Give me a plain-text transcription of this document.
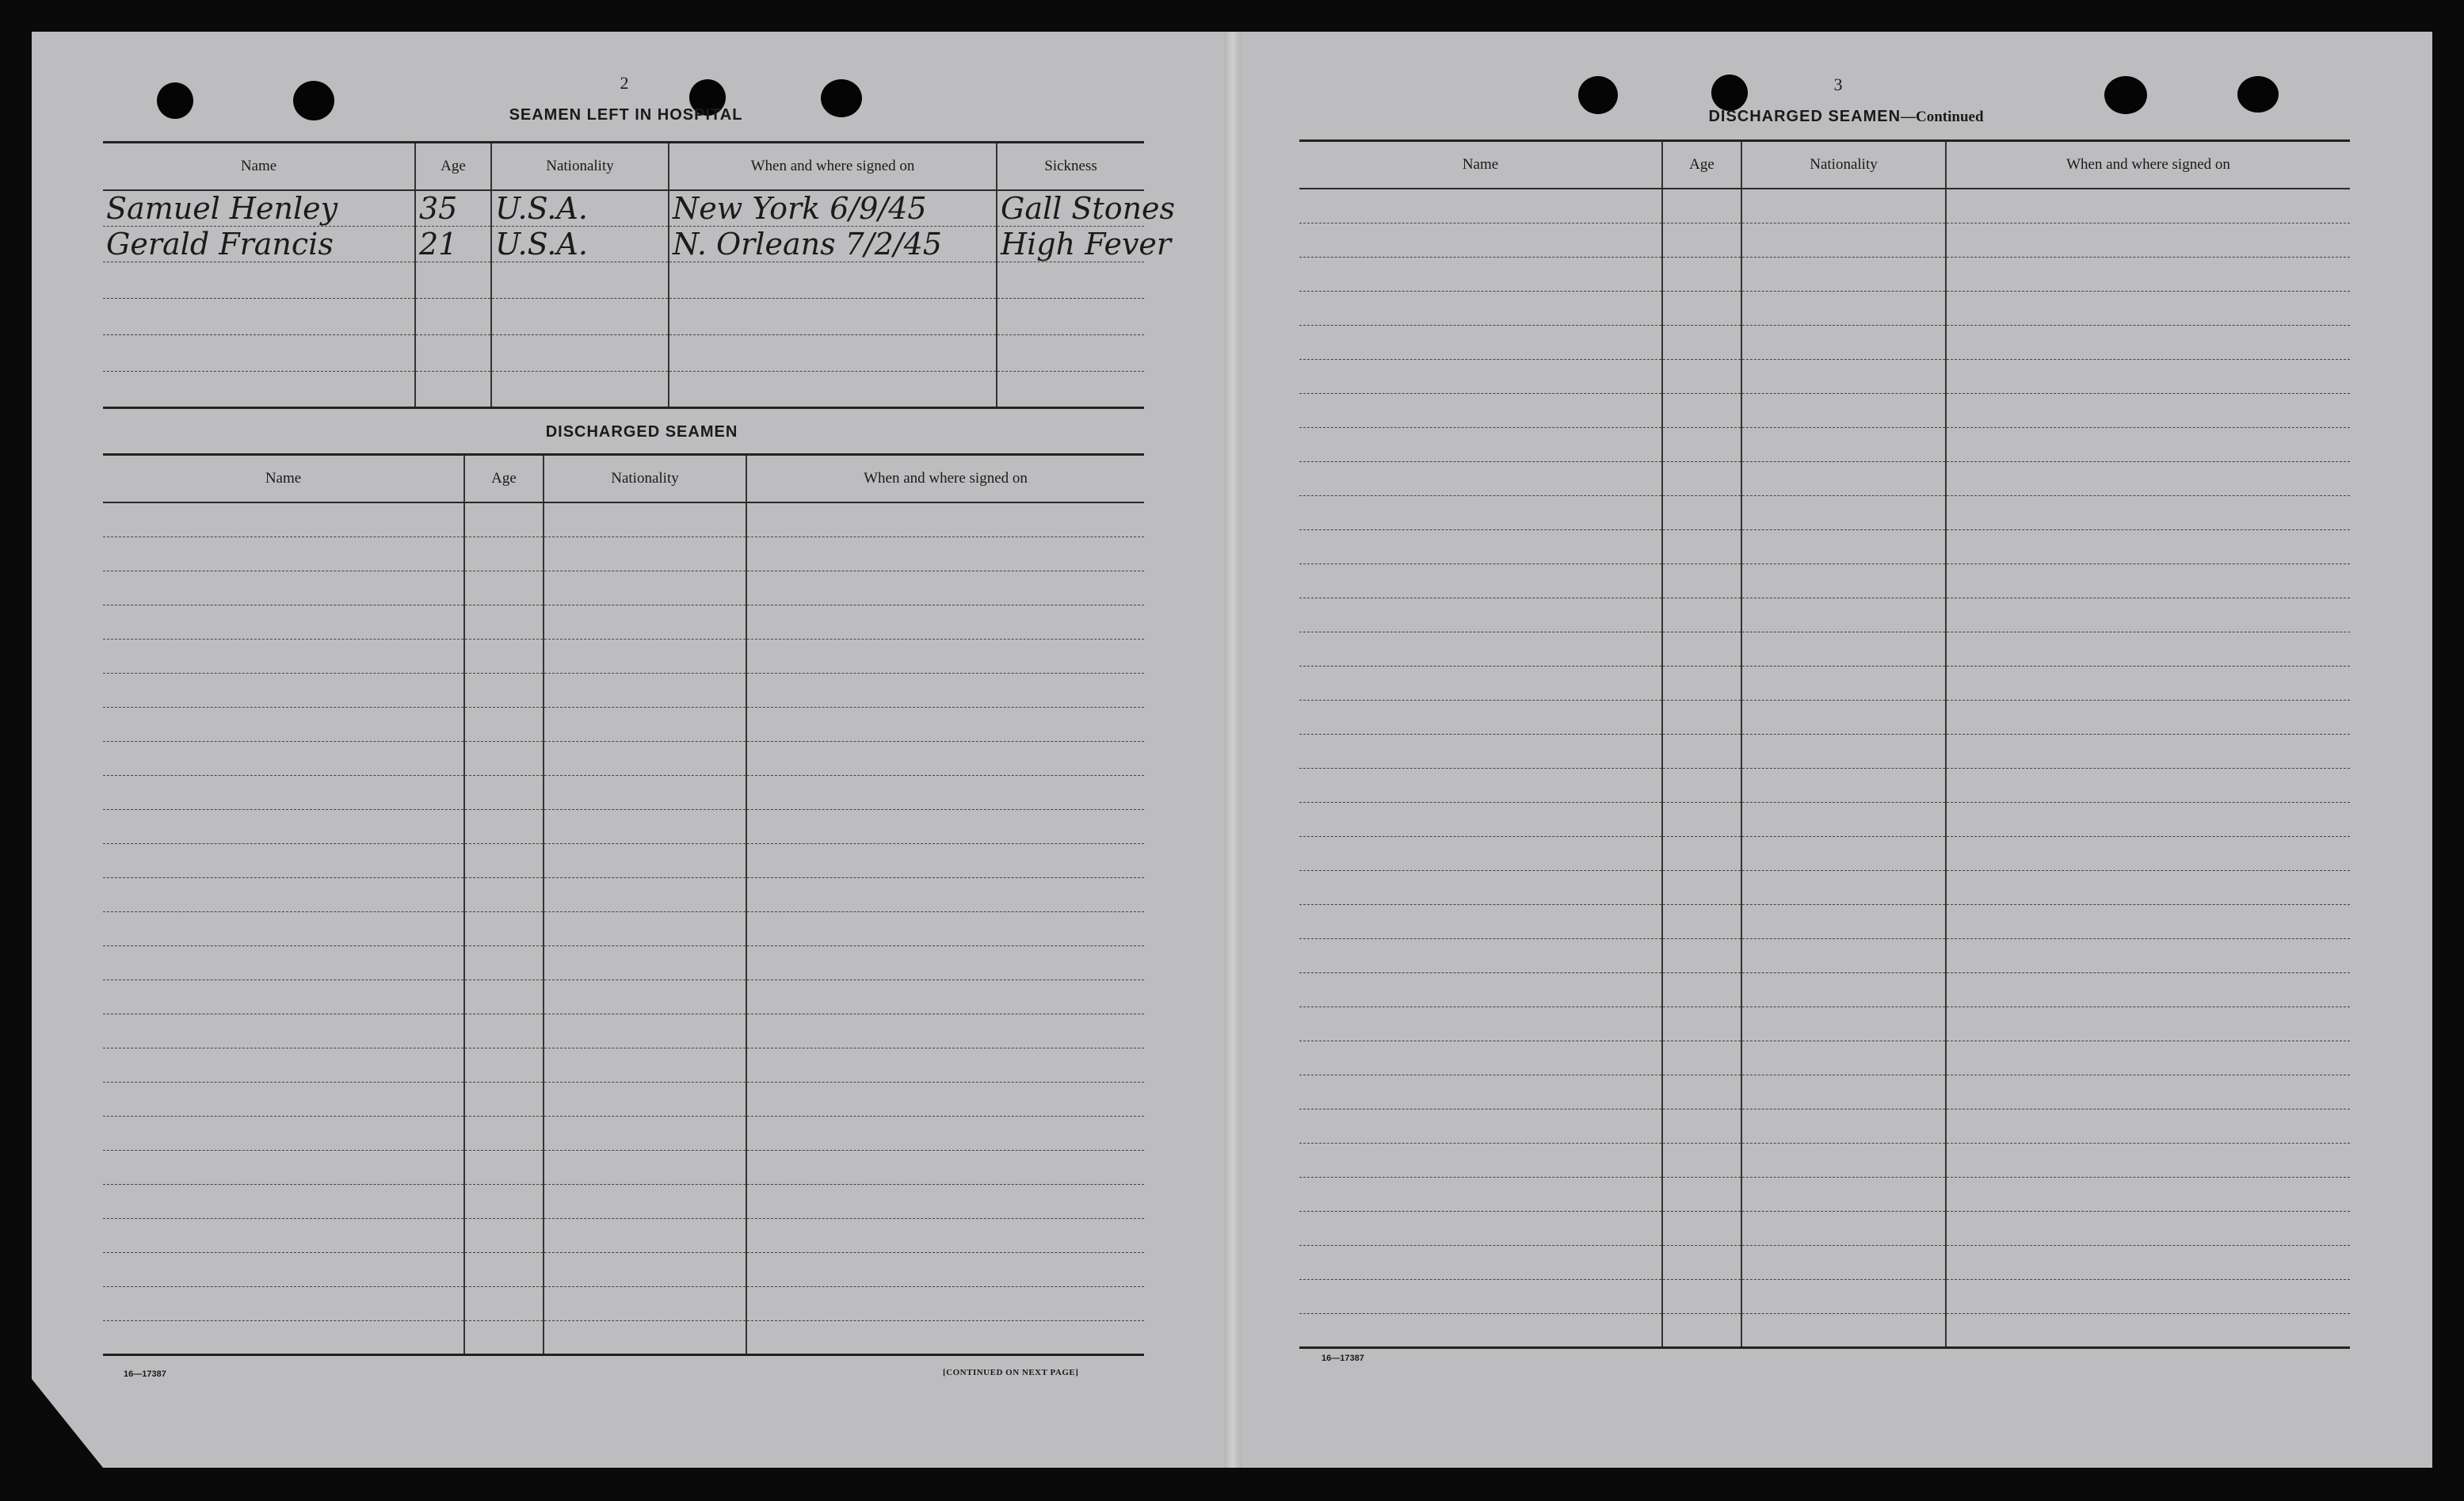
2
SEAMEN LEFT IN HOSPITAL
Name	Age	Nationality	When and where signed on	Sickness
Samuel Henley	35	U.S.A.	New York 6/9/45	Gall Stones
Gerald Francis	21	U.S.A.	N. Orleans 7/2/45	High Fever

DISCHARGED SEAMEN
Name	Age	Nationality	When and where signed on

16—17387	[CONTINUED ON NEXT PAGE]
3
DISCHARGED SEAMEN—Continued
Name	Age	Nationality	When and where signed on

16—17387
